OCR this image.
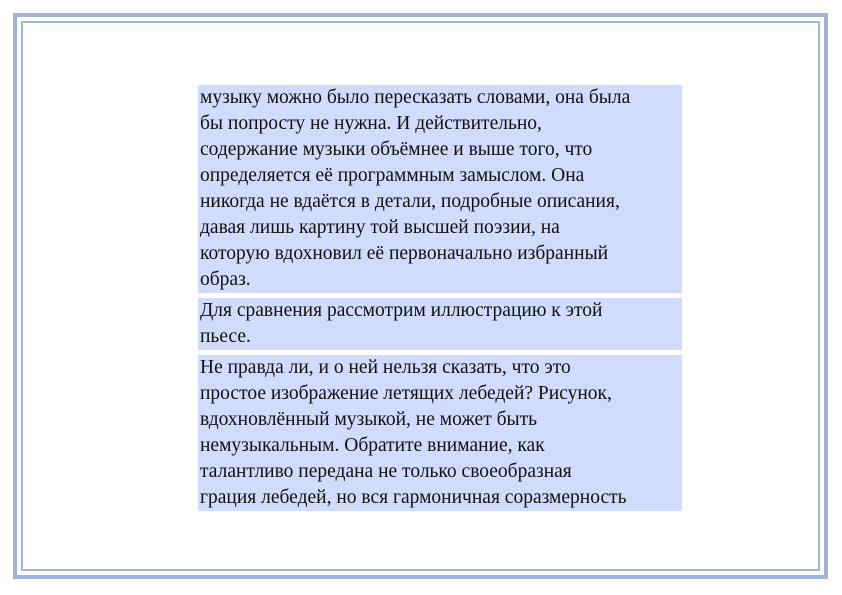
музыку можно было пересказать словами, она была
бы попросту не нужна. И действительно,
содержание музыки объёмнее и выше того, что
определяется её программным замыслом. Она
никогда не вдаётся в детали, подробные описания,
давая лишь картину той высшей поэзии, на
которую вдохновил её первоначально избранный
образ.
Для сравнения рассмотрим иллюстрацию к этой
пьесе.
Не правда ли, и о ней нельзя сказать, что это
простое изображение летящих лебедей? Рисунок,
вдохновлённый музыкой, не может быть
немузыкальным. Обратите внимание, как
талантливо передана не только своеобразная
грация лебедей, но вся гармоничная соразмерность
